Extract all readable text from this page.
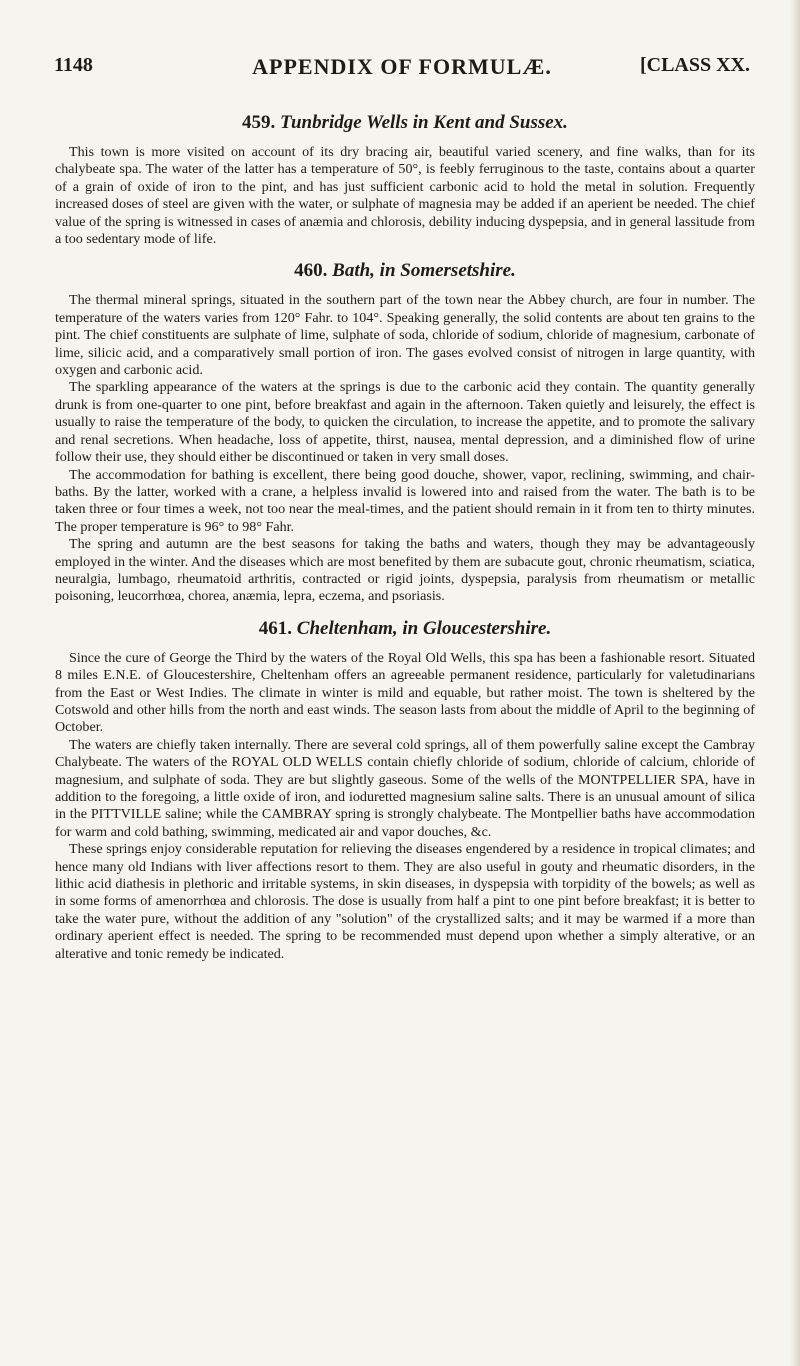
1148	APPENDIX OF FORMULÆ.	[CLASS XX.
459. Tunbridge Wells in Kent and Sussex.

This town is more visited on account of its dry bracing air, beautiful varied scenery, and fine walks, than for its chalybeate spa. The water of the latter has a temperature of 50°, is feebly ferruginous to the taste, contains about a quarter of a grain of oxide of iron to the pint, and has just sufficient carbonic acid to hold the metal in solution. Frequently increased doses of steel are given with the water, or sulphate of magnesia may be added if an aperient be needed. The chief value of the spring is witnessed in cases of anæmia and chlorosis, debility inducing dyspepsia, and in general lassitude from a too sedentary mode of life.

460. Bath, in Somersetshire.

The thermal mineral springs, situated in the southern part of the town near the Abbey church, are four in number. The temperature of the waters varies from 120° Fahr. to 104°. Speaking generally, the solid contents are about ten grains to the pint. The chief constituents are sulphate of lime, sulphate of soda, chloride of sodium, chloride of magnesium, carbonate of lime, silicic acid, and a comparatively small portion of iron. The gases evolved consist of nitrogen in large quantity, with oxygen and carbonic acid.

The sparkling appearance of the waters at the springs is due to the carbonic acid they contain. The quantity generally drunk is from one-quarter to one pint, before breakfast and again in the afternoon. Taken quietly and leisurely, the effect is usually to raise the temperature of the body, to quicken the circulation, to increase the appetite, and to promote the salivary and renal secretions. When headache, loss of appetite, thirst, nausea, mental depression, and a diminished flow of urine follow their use, they should either be discontinued or taken in very small doses.

The accommodation for bathing is excellent, there being good douche, shower, vapor, reclining, swimming, and chair-baths. By the latter, worked with a crane, a helpless invalid is lowered into and raised from the water. The bath is to be taken three or four times a week, not too near the meal-times, and the patient should remain in it from ten to thirty minutes. The proper temperature is 96° to 98° Fahr.

The spring and autumn are the best seasons for taking the baths and waters, though they may be advantageously employed in the winter. And the diseases which are most benefited by them are subacute gout, chronic rheumatism, sciatica, neuralgia, lumbago, rheumatoid arthritis, contracted or rigid joints, dyspepsia, paralysis from rheumatism or metallic poisoning, leucorrhœa, chorea, anæmia, lepra, eczema, and psoriasis.

461. Cheltenham, in Gloucestershire.

Since the cure of George the Third by the waters of the Royal Old Wells, this spa has been a fashionable resort. Situated 8 miles E.N.E. of Gloucestershire, Cheltenham offers an agreeable permanent residence, particularly for valetudinarians from the East or West Indies. The climate in winter is mild and equable, but rather moist. The town is sheltered by the Cotswold and other hills from the north and east winds. The season lasts from about the middle of April to the beginning of October.

The waters are chiefly taken internally. There are several cold springs, all of them powerfully saline except the Cambray Chalybeate. The waters of the ROYAL OLD WELLS contain chiefly chloride of sodium, chloride of calcium, chloride of magnesium, and sulphate of soda. They are but slightly gaseous. Some of the wells of the MONTPELLIER SPA, have in addition to the foregoing, a little oxide of iron, and ioduretted magnesium saline salts. There is an unusual amount of silica in the PITTVILLE saline; while the CAMBRAY spring is strongly chalybeate. The Montpellier baths have accommodation for warm and cold bathing, swimming, medicated air and vapor douches, &c.

These springs enjoy considerable reputation for relieving the diseases engendered by a residence in tropical climates; and hence many old Indians with liver affections resort to them. They are also useful in gouty and rheumatic disorders, in the lithic acid diathesis in plethoric and irritable systems, in skin diseases, in dyspepsia with torpidity of the bowels; as well as in some forms of amenorrhœa and chlorosis. The dose is usually from half a pint to one pint before breakfast; it is better to take the water pure, without the addition of any "solution" of the crystallized salts; and it may be warmed if a more than ordinary aperient effect is needed. The spring to be recommended must depend upon whether a simply alterative, or an alterative and tonic remedy be indicated.
